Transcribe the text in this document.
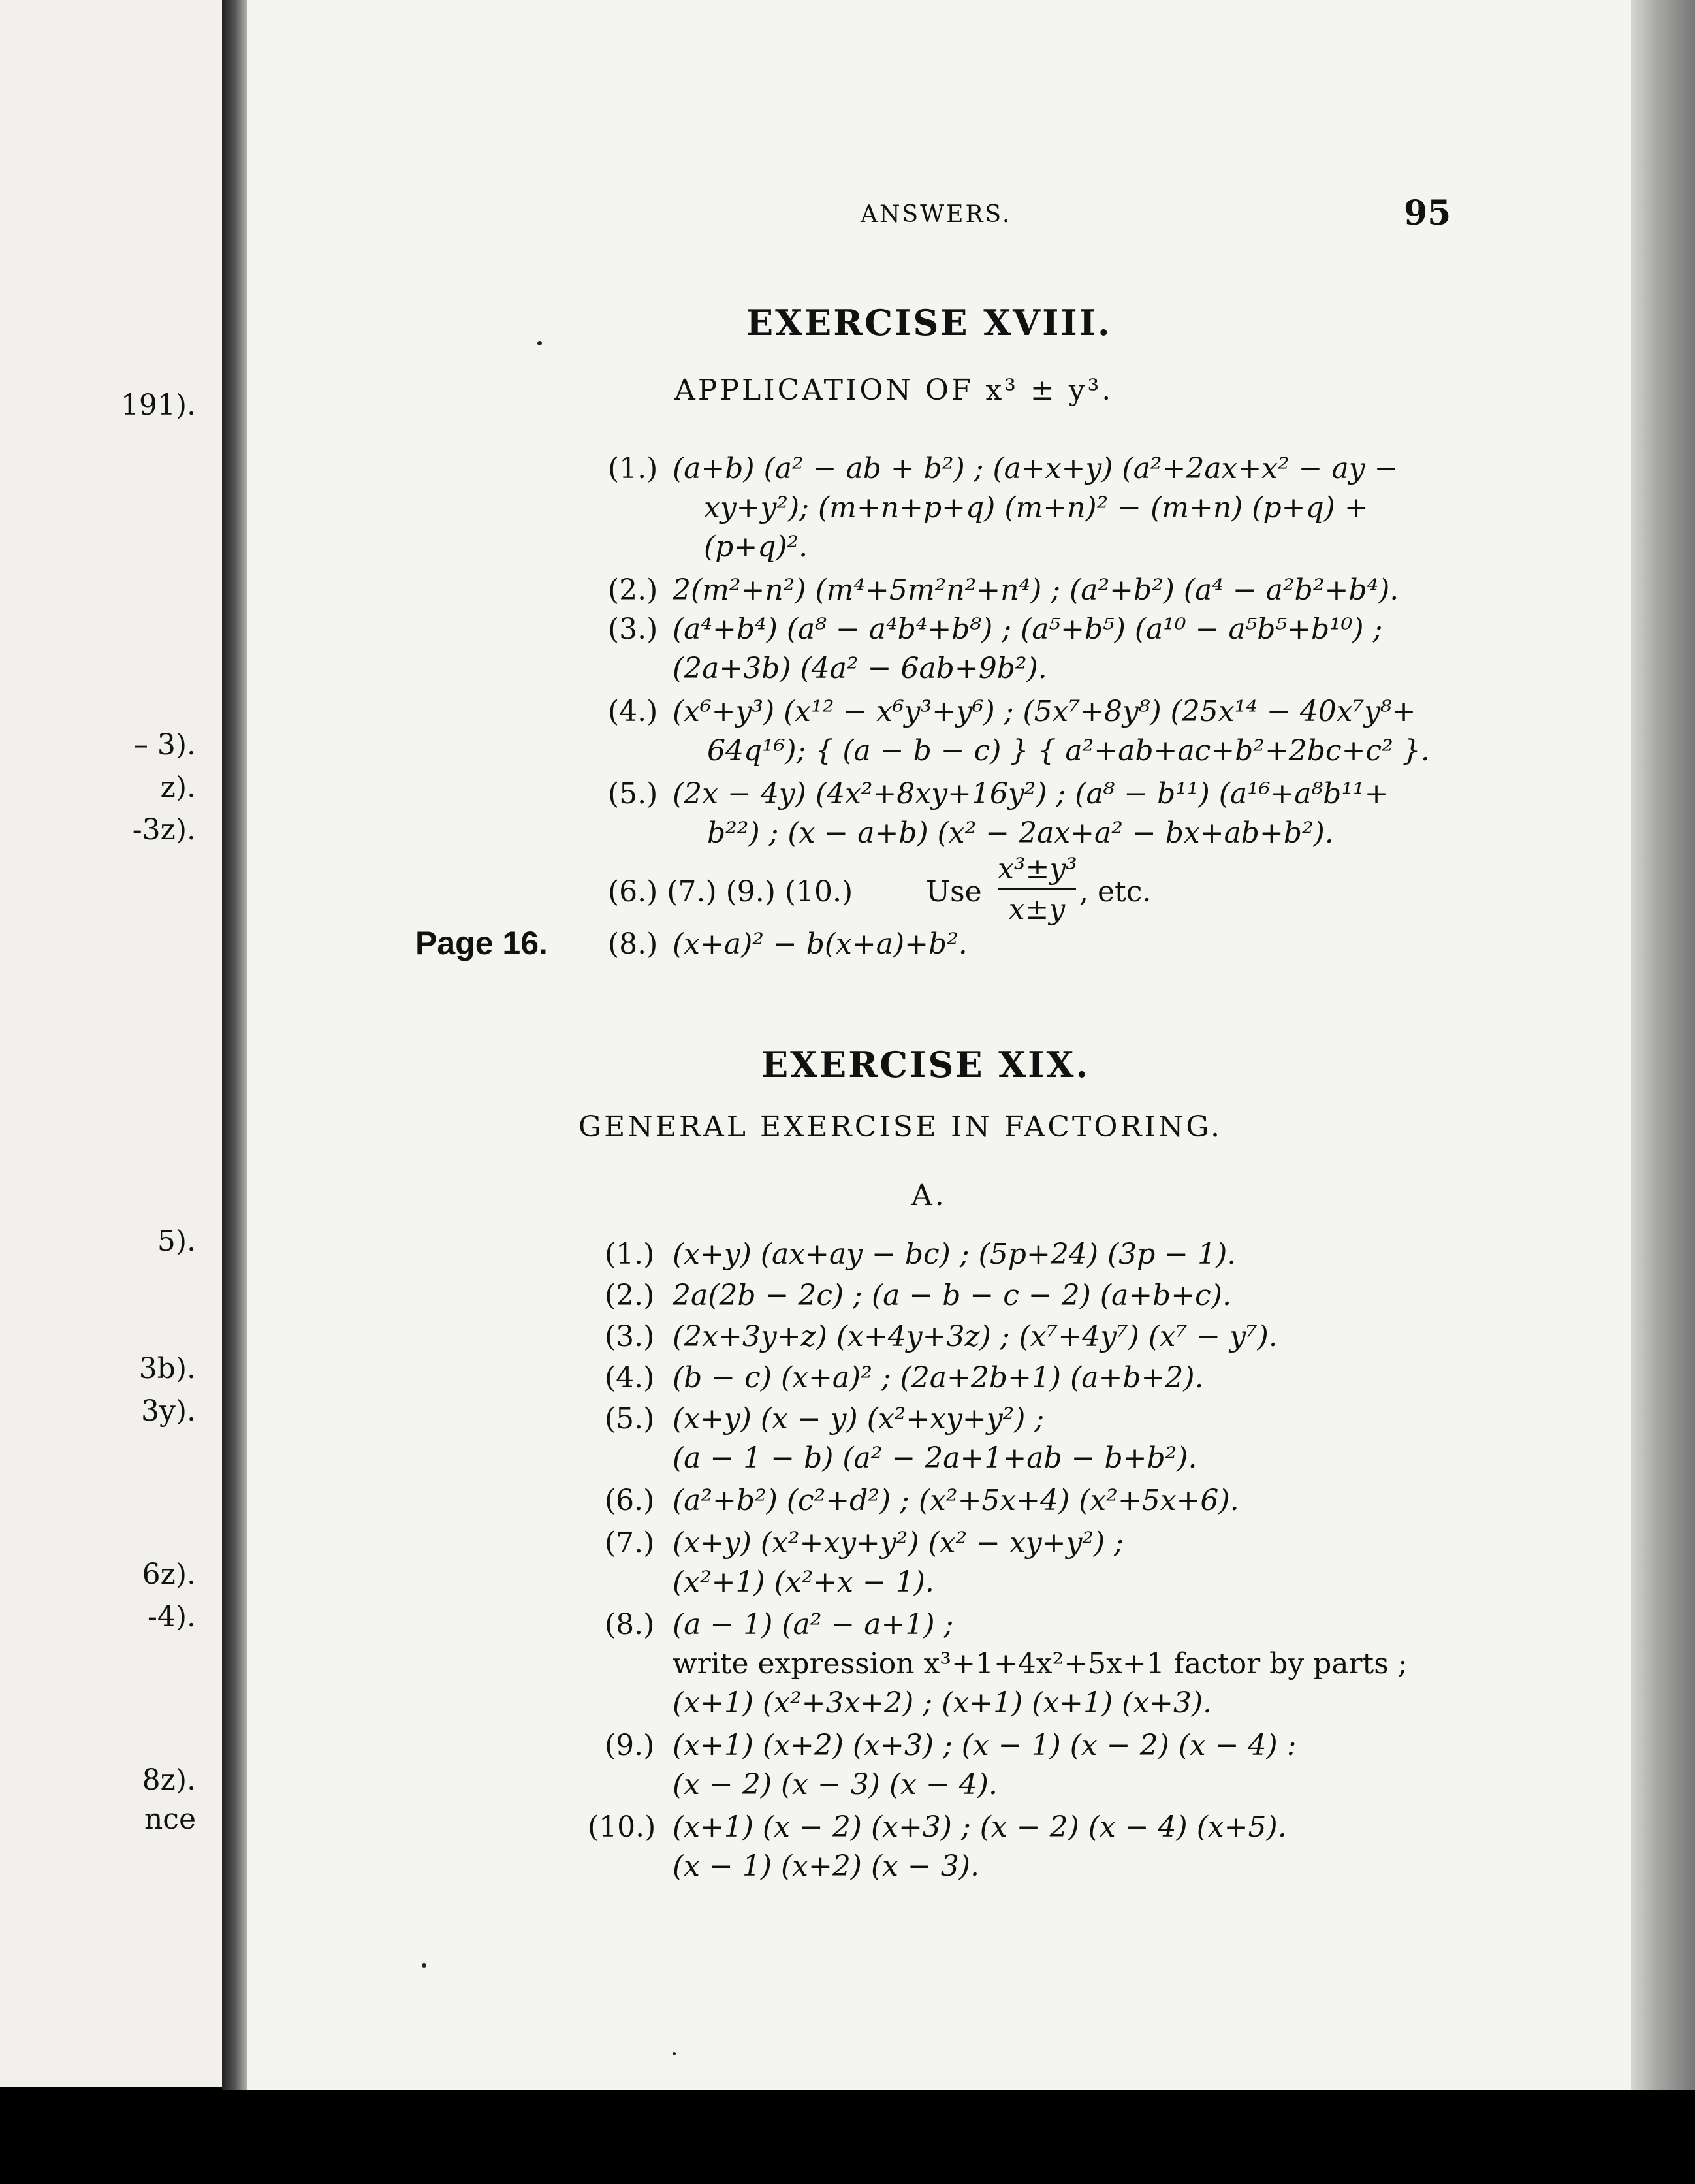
191).
– 3).
z).
-3z).
5).
3b).
3y).
6z).
-4).
8z).
nce
ANSWERS.	95
EXERCISE XVIII.
APPLICATION OF x³ ± y³.
(1.) (a+b) (a² − ab + b²) ; (a+x+y) (a²+2ax+x² − ay −
xy+y²); (m+n+p+q) (m+n)² − (m+n) (p+q) +
(p+q)².
(2.) 2(m²+n²) (m⁴+5m²n²+n⁴) ; (a²+b²) (a⁴ − a²b²+b⁴).
(3.) (a⁴+b⁴) (a⁸ − a⁴b⁴+b⁸) ; (a⁵+b⁵) (a¹⁰ − a⁵b⁵+b¹⁰) ;
(2a+3b) (4a² − 6ab+9b²).
(4.) (x⁶+y³) (x¹² − x⁶y³+y⁶) ; (5x⁷+8y⁸) (25x¹⁴ − 40x⁷y⁸+
64q¹⁶); { (a − b − c) } { a²+ab+ac+b²+2bc+c² }.
(5.) (2x − 4y) (4x²+8xy+16y²) ; (a⁸ − b¹¹) (a¹⁶+a⁸b¹¹+
b²²) ; (x − a+b) (x² − 2ax+a² − bx+ab+b²).
(6.) (7.) (9.) (10.)	Use
x³±y³
x±y
, etc.
Page 16. (8.) (x+a)² − b(x+a)+b².
EXERCISE XIX.
GENERAL EXERCISE IN FACTORING.
A.
(1.) (x+y) (ax+ay − bc) ; (5p+24) (3p − 1).
(2.) 2a(2b − 2c) ; (a − b − c − 2) (a+b+c).
(3.) (2x+3y+z) (x+4y+3z) ; (x⁷+4y⁷) (x⁷ − y⁷).
(4.) (b − c) (x+a)² ; (2a+2b+1) (a+b+2).
(5.) (x+y) (x − y) (x²+xy+y²) ;
(a − 1 − b) (a² − 2a+1+ab − b+b²).
(6.) (a²+b²) (c²+d²) ; (x²+5x+4) (x²+5x+6).
(7.) (x+y) (x²+xy+y²) (x² − xy+y²) ;
(x²+1) (x²+x − 1).
(8.) (a − 1) (a² − a+1) ;
write expression x³+1+4x²+5x+1 factor by parts ;
(x+1) (x²+3x+2) ; (x+1) (x+1) (x+3).
(9.) (x+1) (x+2) (x+3) ; (x − 1) (x − 2) (x − 4) :
(x − 2) (x − 3) (x − 4).
(10.) (x+1) (x − 2) (x+3) ; (x − 2) (x − 4) (x+5).
(x − 1) (x+2) (x − 3).
